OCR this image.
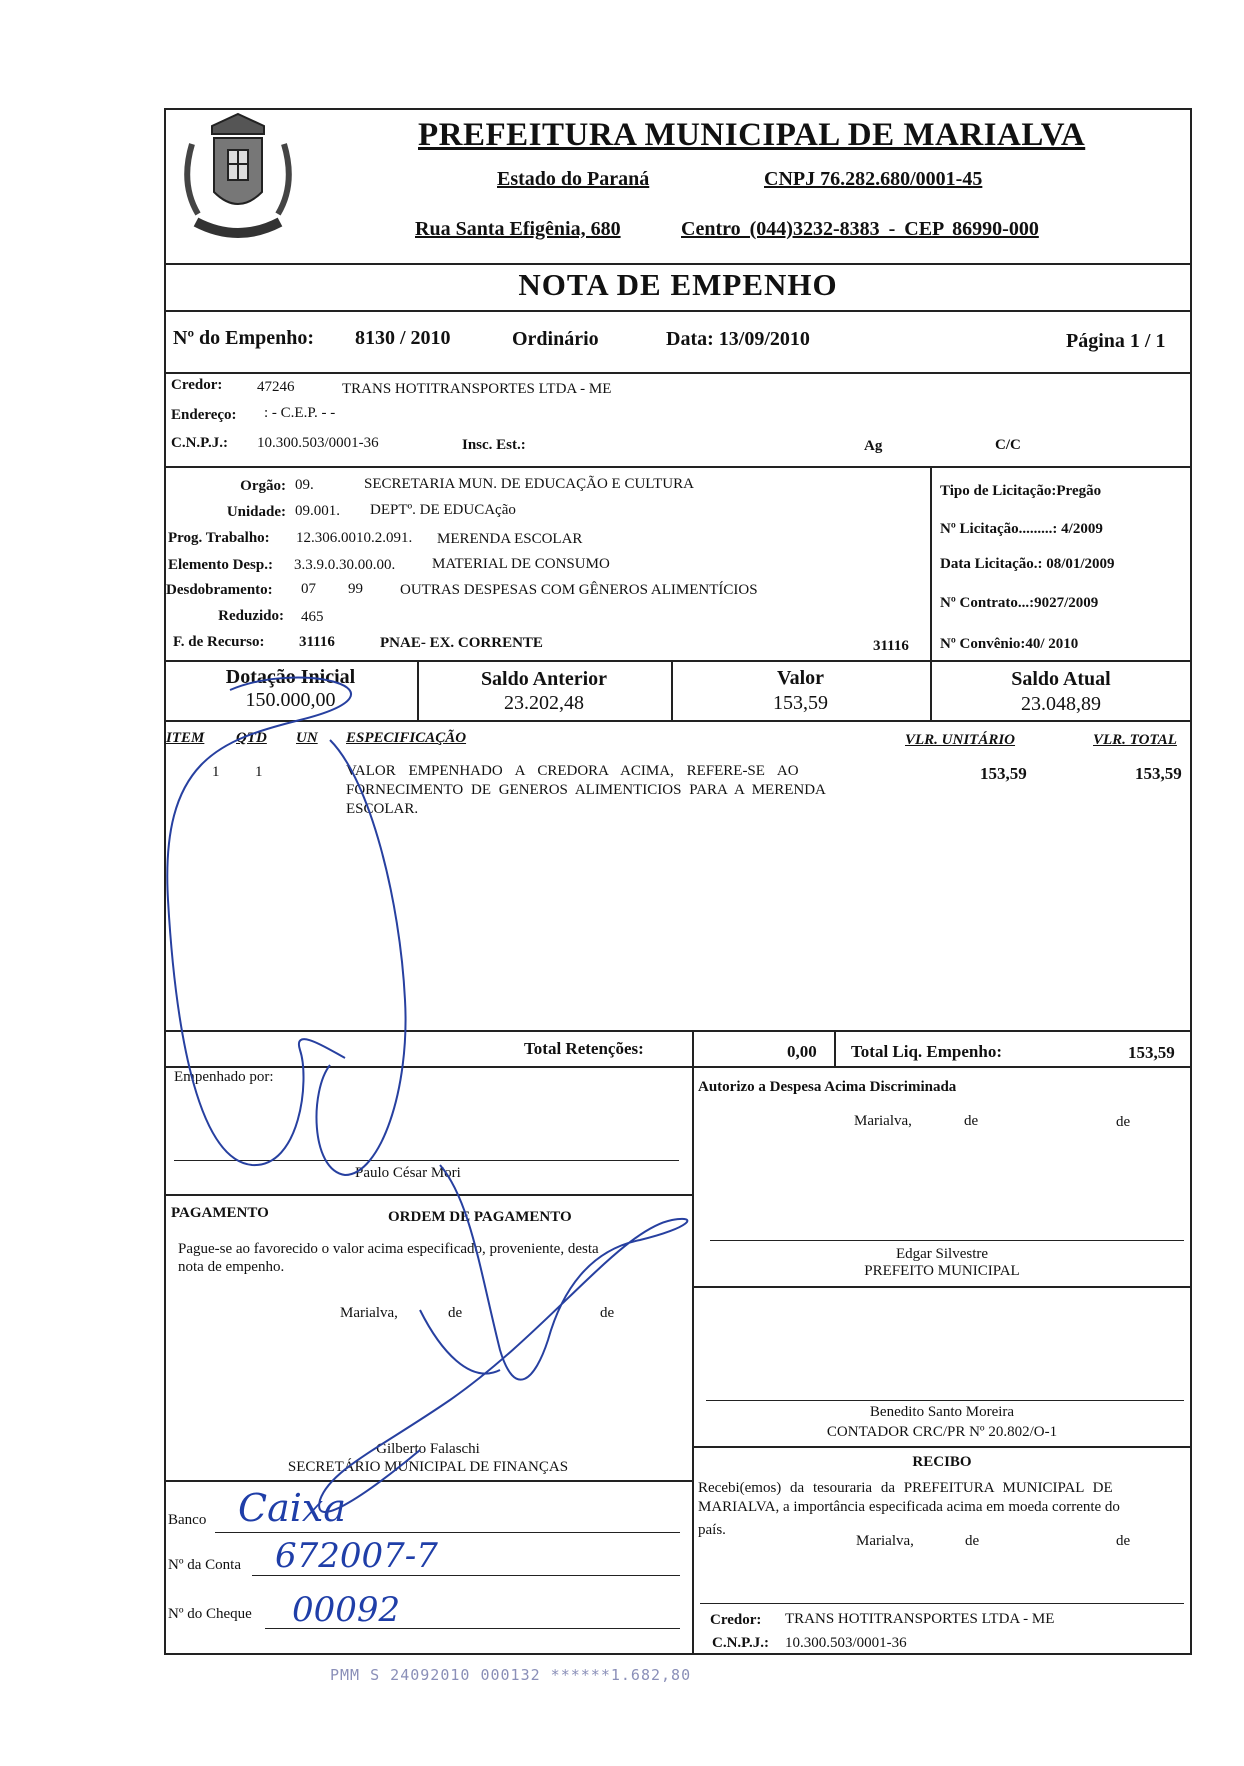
PREFEITURA MUNICIPAL DE MARIALVA
Estado do Paraná	CNPJ 76.282.680/0001-45
Rua Santa Efigênia, 680	Centro (044)3232-8383 - CEP 86990-000
NOTA DE EMPENHO
Nº do Empenho: 8130 / 2010	Ordinário	Data: 13/09/2010	Página 1 / 1
Credor: 47246	TRANS HOTITRANSPORTES LTDA - ME
Endereço: : - C.E.P. - -
C.N.P.J.: 10.300.503/0001-36	Insc. Est.:	Ag	C/C
Orgão: 09.	SECRETARIA MUN. DE EDUCAÇÃO E CULTURA
Unidade: 09.001. DEPTº. DE EDUCAção
Prog. Trabalho: 12.306.0010.2.091. MERENDA ESCOLAR
Elemento Desp.: 3.3.9.0.30.00.00. MATERIAL DE CONSUMO
Desdobramento: 07 99 OUTRAS DESPESAS COM GÊNEROS ALIMENTÍCIOS
Reduzido: 465
F. de Recurso: 31116	PNAE- EX. CORRENTE	31116
Tipo de Licitação:Pregão
Nº Licitação.........: 4/2009
Data Licitação.: 08/01/2009
Nº Contrato...:9027/2009
Nº Convênio:40/ 2010
Dotação Inicial
150.000,00
Saldo Anterior
23.202,48
Valor
153,59
Saldo Atual
23.048,89
ITEM QTD UN ESPECIFICAÇÃO	VLR. UNITÁRIO	VLR. TOTAL
1 1	VALOR EMPENHADO A CREDORA ACIMA, REFERE-SE AO
FORNECIMENTO DE GENEROS ALIMENTICIOS PARA A MERENDA
ESCOLAR.
153,59	153,59
Total Retenções:	0,00 Total Liq. Empenho:	153,59
Empenhado por:
Paulo César Mori
Autorizo a Despesa Acima Discriminada
Marialva,	de	de
Edgar Silvestre
PREFEITO MUNICIPAL
Benedito Santo Moreira
CONTADOR CRC/PR Nº 20.802/O-1
PAGAMENTO	ORDEM DE PAGAMENTO
Pague-se ao favorecido o valor acima especificado, proveniente, desta
nota de empenho.
Marialva,	de	de
Gilberto Falaschi
SECRETÁRIO MUNICIPAL DE FINANÇAS
Banco Caixa
Nº da Conta 672007-7
Nº do Cheque 00092
RECIBO
Recebi(emos) da tesouraria da PREFEITURA MUNICIPAL DE
MARIALVA, a importância especificada acima em moeda corrente do
país.
Marialva,	de	de
Credor: TRANS HOTITRANSPORTES LTDA - ME
C.N.P.J.: 10.300.503/0001-36
PMM S 24092010 000132 ******1.682,80
